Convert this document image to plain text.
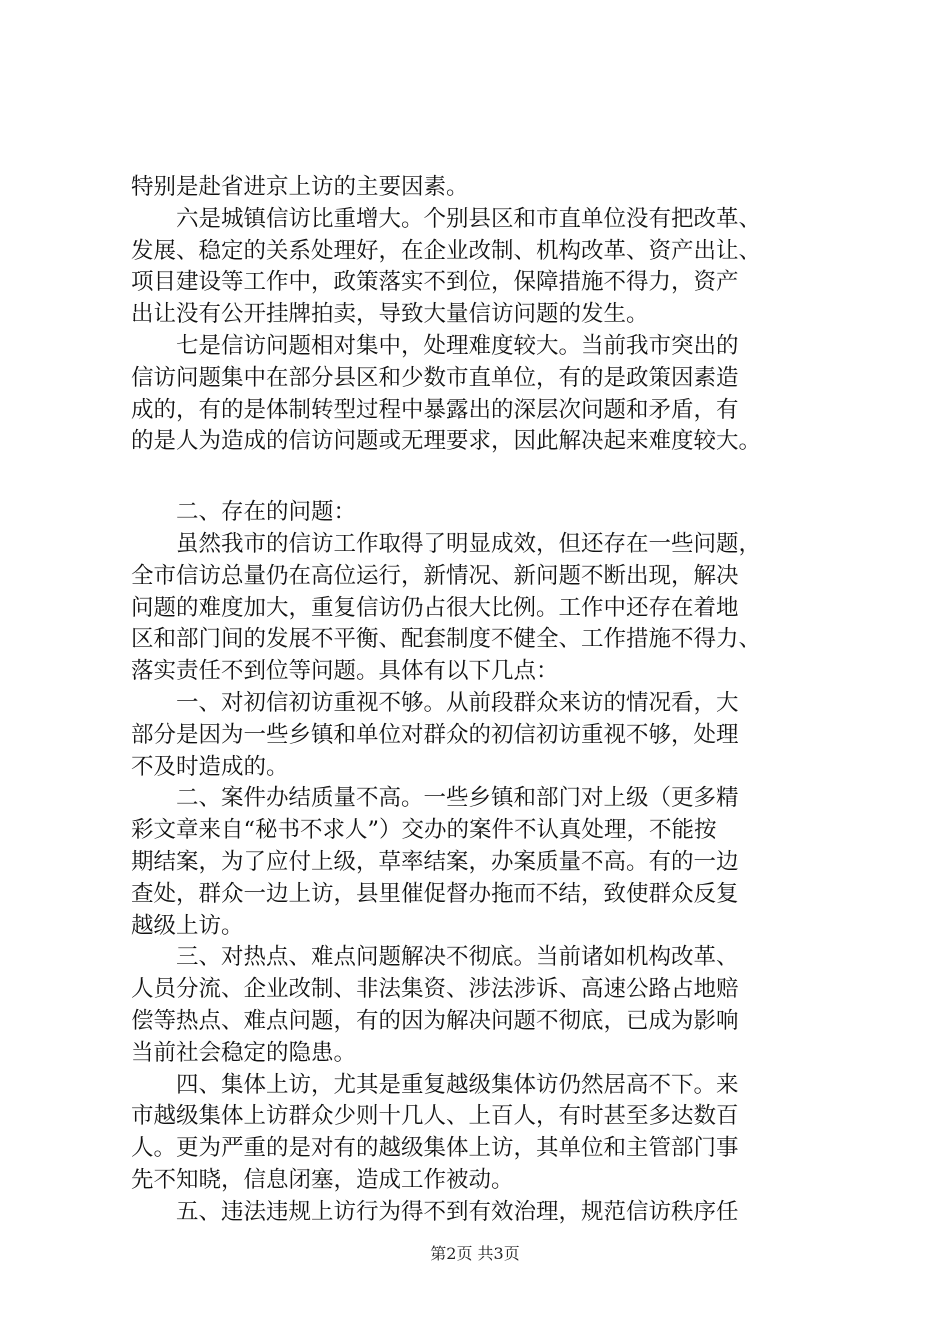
特别是赴省进京上访的主要因素。
六是城镇信访比重增大。个别县区和市直单位没有把改革、
发展、稳定的关系处理好，在企业改制、机构改革、资产出让、
项目建设等工作中，政策落实不到位，保障措施不得力，资产
出让没有公开挂牌拍卖，导致大量信访问题的发生。
七是信访问题相对集中，处理难度较大。当前我市突出的
信访问题集中在部分县区和少数市直单位，有的是政策因素造
成的，有的是体制转型过程中暴露出的深层次问题和矛盾，有
的是人为造成的信访问题或无理要求，因此解决起来难度较大。
二、存在的问题：
虽然我市的信访工作取得了明显成效，但还存在一些问题，
全市信访总量仍在高位运行，新情况、新问题不断出现，解决
问题的难度加大，重复信访仍占很大比例。工作中还存在着地
区和部门间的发展不平衡、配套制度不健全、工作措施不得力、
落实责任不到位等问题。具体有以下几点：
一、对初信初访重视不够。从前段群众来访的情况看，大
部分是因为一些乡镇和单位对群众的初信初访重视不够，处理
不及时造成的。
二、案件办结质量不高。一些乡镇和部门对上级（更多精
彩文章来自“秘书不求人”）交办的案件不认真处理，不能按
期结案，为了应付上级，草率结案，办案质量不高。有的一边
查处，群众一边上访，县里催促督办拖而不结，致使群众反复
越级上访。
三、对热点、难点问题解决不彻底。当前诸如机构改革、
人员分流、企业改制、非法集资、涉法涉诉、高速公路占地赔
偿等热点、难点问题，有的因为解决问题不彻底，已成为影响
当前社会稳定的隐患。
四、集体上访，尤其是重复越级集体访仍然居高不下。来
市越级集体上访群众少则十几人、上百人，有时甚至多达数百
人。更为严重的是对有的越级集体上访，其单位和主管部门事
先不知晓，信息闭塞，造成工作被动。
五、违法违规上访行为得不到有效治理，规范信访秩序任
第2页 共3页
